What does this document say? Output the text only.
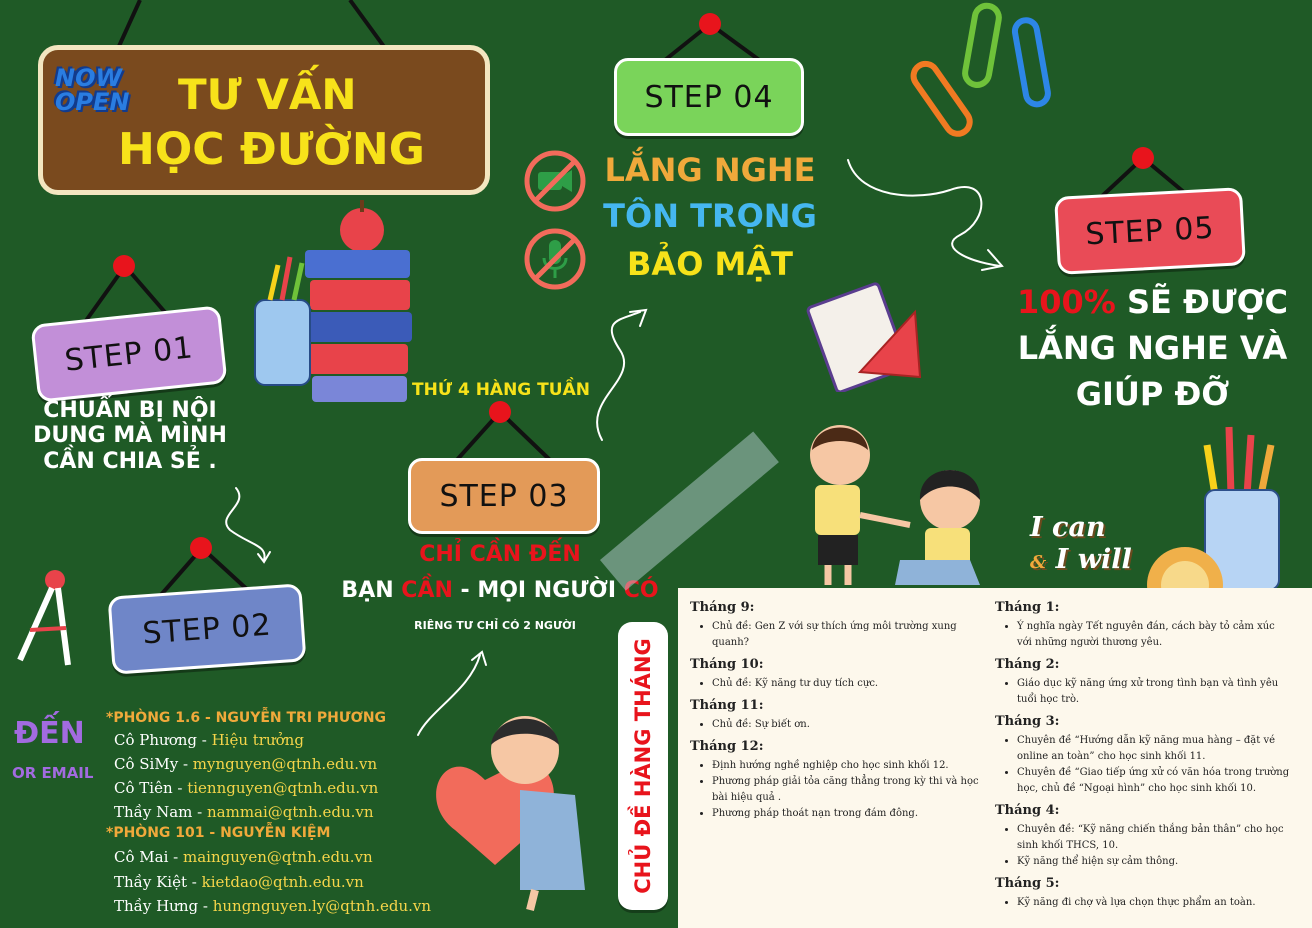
NOW
OPEN	TƯ VẤN
HỌC ĐƯỜNG
STEP 01
CHUẨN BỊ NỘI
DUNG MÀ MÌNH
CẦN CHIA SẺ .
STEP 02
THỨ 4 HÀNG TUẦN
STEP 03
CHỈ CẦN ĐẾN
BẠN CẦN - MỌI NGƯỜI CÓ
RIÊNG TƯ CHỈ CÓ 2 NGƯỜI
STEP 04
LẮNG NGHE
TÔN TRỌNG
BẢO MẬT
STEP 05
100% SẼ ĐƯỢC
LẮNG NGHE VÀ
GIÚP ĐỠ
I can
& I will
ĐẾN
OR EMAIL
*PHÒNG 1.6 - NGUYỄN TRI PHƯƠNG
Cô Phương - Hiệu trưởng
Cô SiMy - mynguyen@qtnh.edu.vn
Cô Tiên - tiennguyen@qtnh.edu.vn
Thầy Nam - nammai@qtnh.edu.vn
*PHÒNG 101 - NGUYỄN KIỆM
Cô Mai - mainguyen@qtnh.edu.vn
Thầy Kiệt - kietdao@qtnh.edu.vn
Thầy Hưng - hungnguyen.ly@qtnh.edu.vn
Tháng 9:
• Chủ đề: Gen Z với sự thích ứng môi trường xung quanh?
Tháng 10:
• Chủ đề: Kỹ năng tư duy tích cực.
Tháng 11:
• Chủ đề: Sự biết ơn.
Tháng 12:
• Định hướng nghề nghiệp cho học sinh khối 12.
• Phương pháp giải tỏa căng thẳng trong kỳ thi và học bài hiệu quả .
• Phương pháp thoát nạn trong đám đông.
Tháng 1:
• Ý nghĩa ngày Tết nguyên đán, cách bày tỏ cảm xúc với những người thương yêu.
Tháng 2:
• Giáo dục kỹ năng ứng xử trong tình bạn và tình yêu tuổi học trò.
Tháng 3:
• Chuyên đề “Hướng dẫn kỹ năng mua hàng – đặt vé online an toàn” cho học sinh khối 11.
• Chuyên đề “Giao tiếp ứng xử có văn hóa trong trường học, chủ đề “Ngoại hình” cho học sinh khối 10.
Tháng 4:
• Chuyên đề: “Kỹ năng chiến thắng bản thân” cho học sinh khối THCS, 10.
• Kỹ năng thể hiện sự cảm thông.
Tháng 5:
• Kỹ năng đi chợ và lựa chọn thực phẩm an toàn.
CHỦ ĐỀ HÀNG THÁNG
